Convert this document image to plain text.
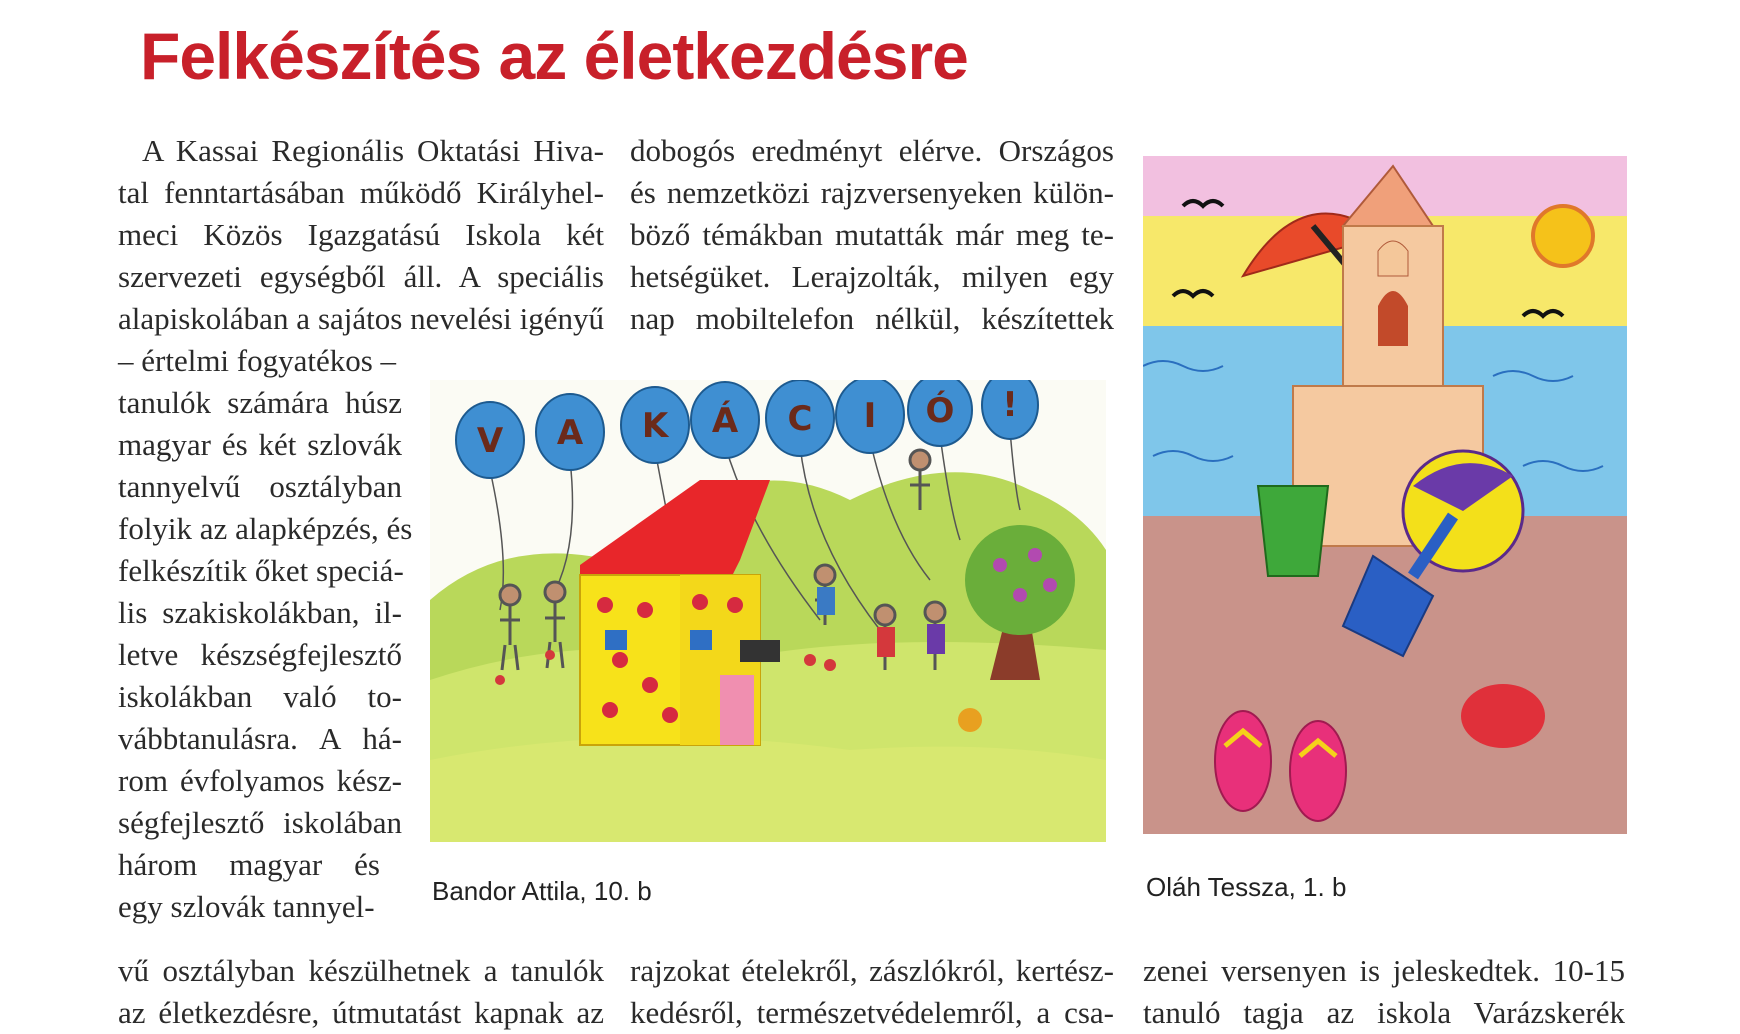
Felkészítés az életkezdésre
A Kassai Regionális Oktatási Hiva-
tal fenntartásában működő Királyhel-
meci Közös Igazgatású Iskola két
szervezeti egységből áll. A speciális
alapiskolában a sajátos nevelési igényű
– értelmi fogyatékos –
tanulók számára húsz
magyar és két szlovák
tannyelvű osztályban
folyik az alapképzés, és
felkészítik őket speciá-
lis szakiskolákban, il-
letve készségfejlesztő
iskolákban való to-
vábbtanulásra. A há-
rom évfolyamos kész-
ségfejlesztő iskolában
három magyar és
egy szlovák tannyel-
vű osztályban készülhetnek a tanulók
az életkezdésre, útmutatást kapnak az
dobogós eredményt elérve. Országos
és nemzetközi rajzversenyeken külön-
böző témákban mutatták már meg te-
hetségüket. Lerajzolták, milyen egy
nap mobiltelefon nélkül, készítettek
rajzokat ételekről, zászlókról, kertész-
kedésről, természetvédelemről, a csa-
zenei versenyen is jeleskedtek. 10-15
tanuló tagja az iskola Varázskerék
V A K Á C I Ó !
Bandor Attila, 10. b	Oláh Tessza, 1. b
